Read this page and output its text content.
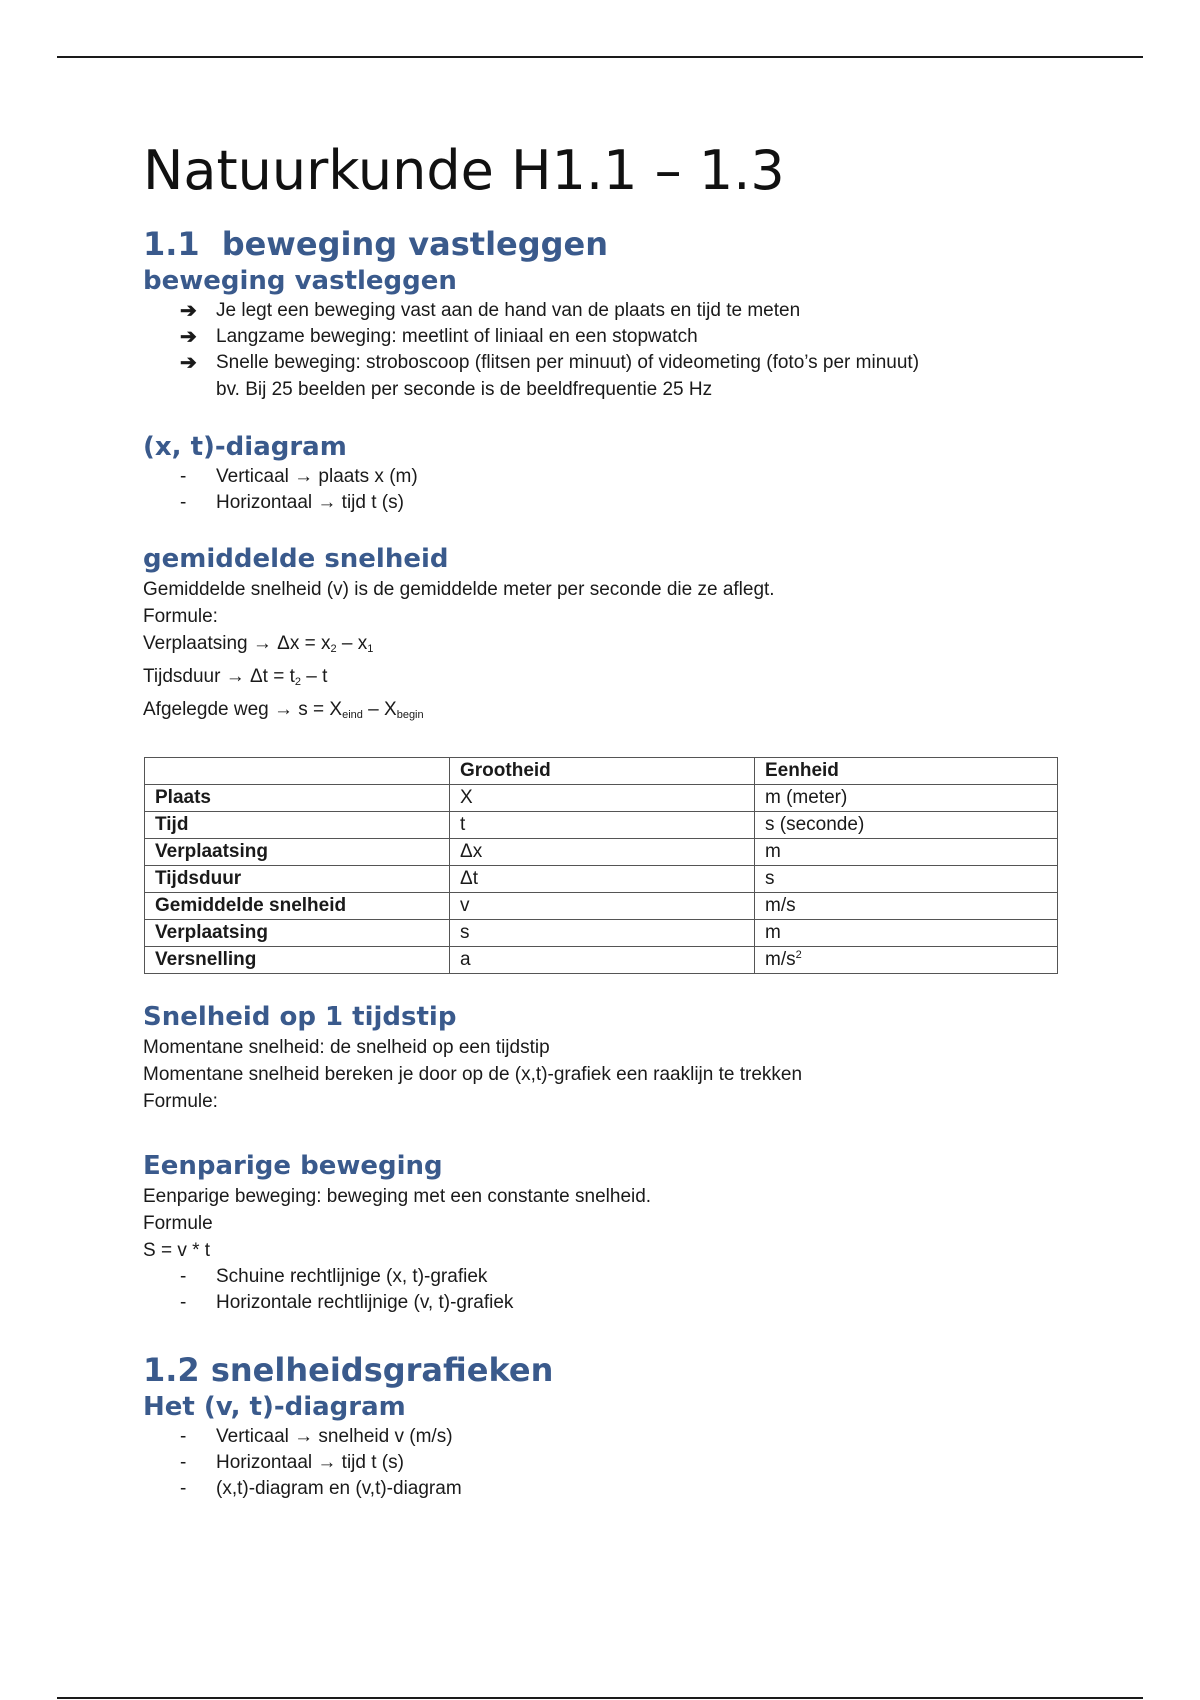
Natuurkunde H1.1 – 1.3
1.1 beweging vastleggen
beweging vastleggen
➔	Je legt een beweging vast aan de hand van de plaats en tijd te meten
➔	Langzame beweging: meetlint of liniaal en een stopwatch
➔	Snelle beweging: stroboscoop (flitsen per minuut) of videometing (foto’s per minuut)
bv. Bij 25 beelden per seconde is de beeldfrequentie 25 Hz
(x, t)-diagram
-	Verticaal → plaats x (m)
-	Horizontaal → tijd t (s)
gemiddelde snelheid

Gemiddelde snelheid (v) is de gemiddelde meter per seconde die ze aflegt.

Formule:

Verplaatsing → $\Delta x = x_2 - x_1$

Tijdsduur → $\Delta t = t_2 - t$

Afgelegde weg → $s = X_{eind} - X_{begin}$

	Grootheid	Eenheid
Plaats	X	m (meter)
Tijd	t	s (seconde)
Verplaatsing	Δx	m
Tijdsduur	Δt	s
Gemiddelde snelheid	v	m/s
Verplaatsing	s	m
Versnelling	a	$m/s^2$
Snelheid op 1 tijdstip

Momentane snelheid: de snelheid op een tijdstip

Momentane snelheid bereken je door op de (x,t)-grafiek een raaklijn te trekken

Formule:

Eenparige beweging

Eenparige beweging: beweging met een constante snelheid.

Formule

S = v * t

-	Schuine rechtlijnige (x, t)-grafiek
-	Horizontale rechtlijnige (v, t)-grafiek
1.2 snelheidsgrafieken
Het (v, t)-diagram
-	Verticaal → snelheid v (m/s)
-	Horizontaal → tijd t (s)
-	(x,t)-diagram en (v,t)-diagram
